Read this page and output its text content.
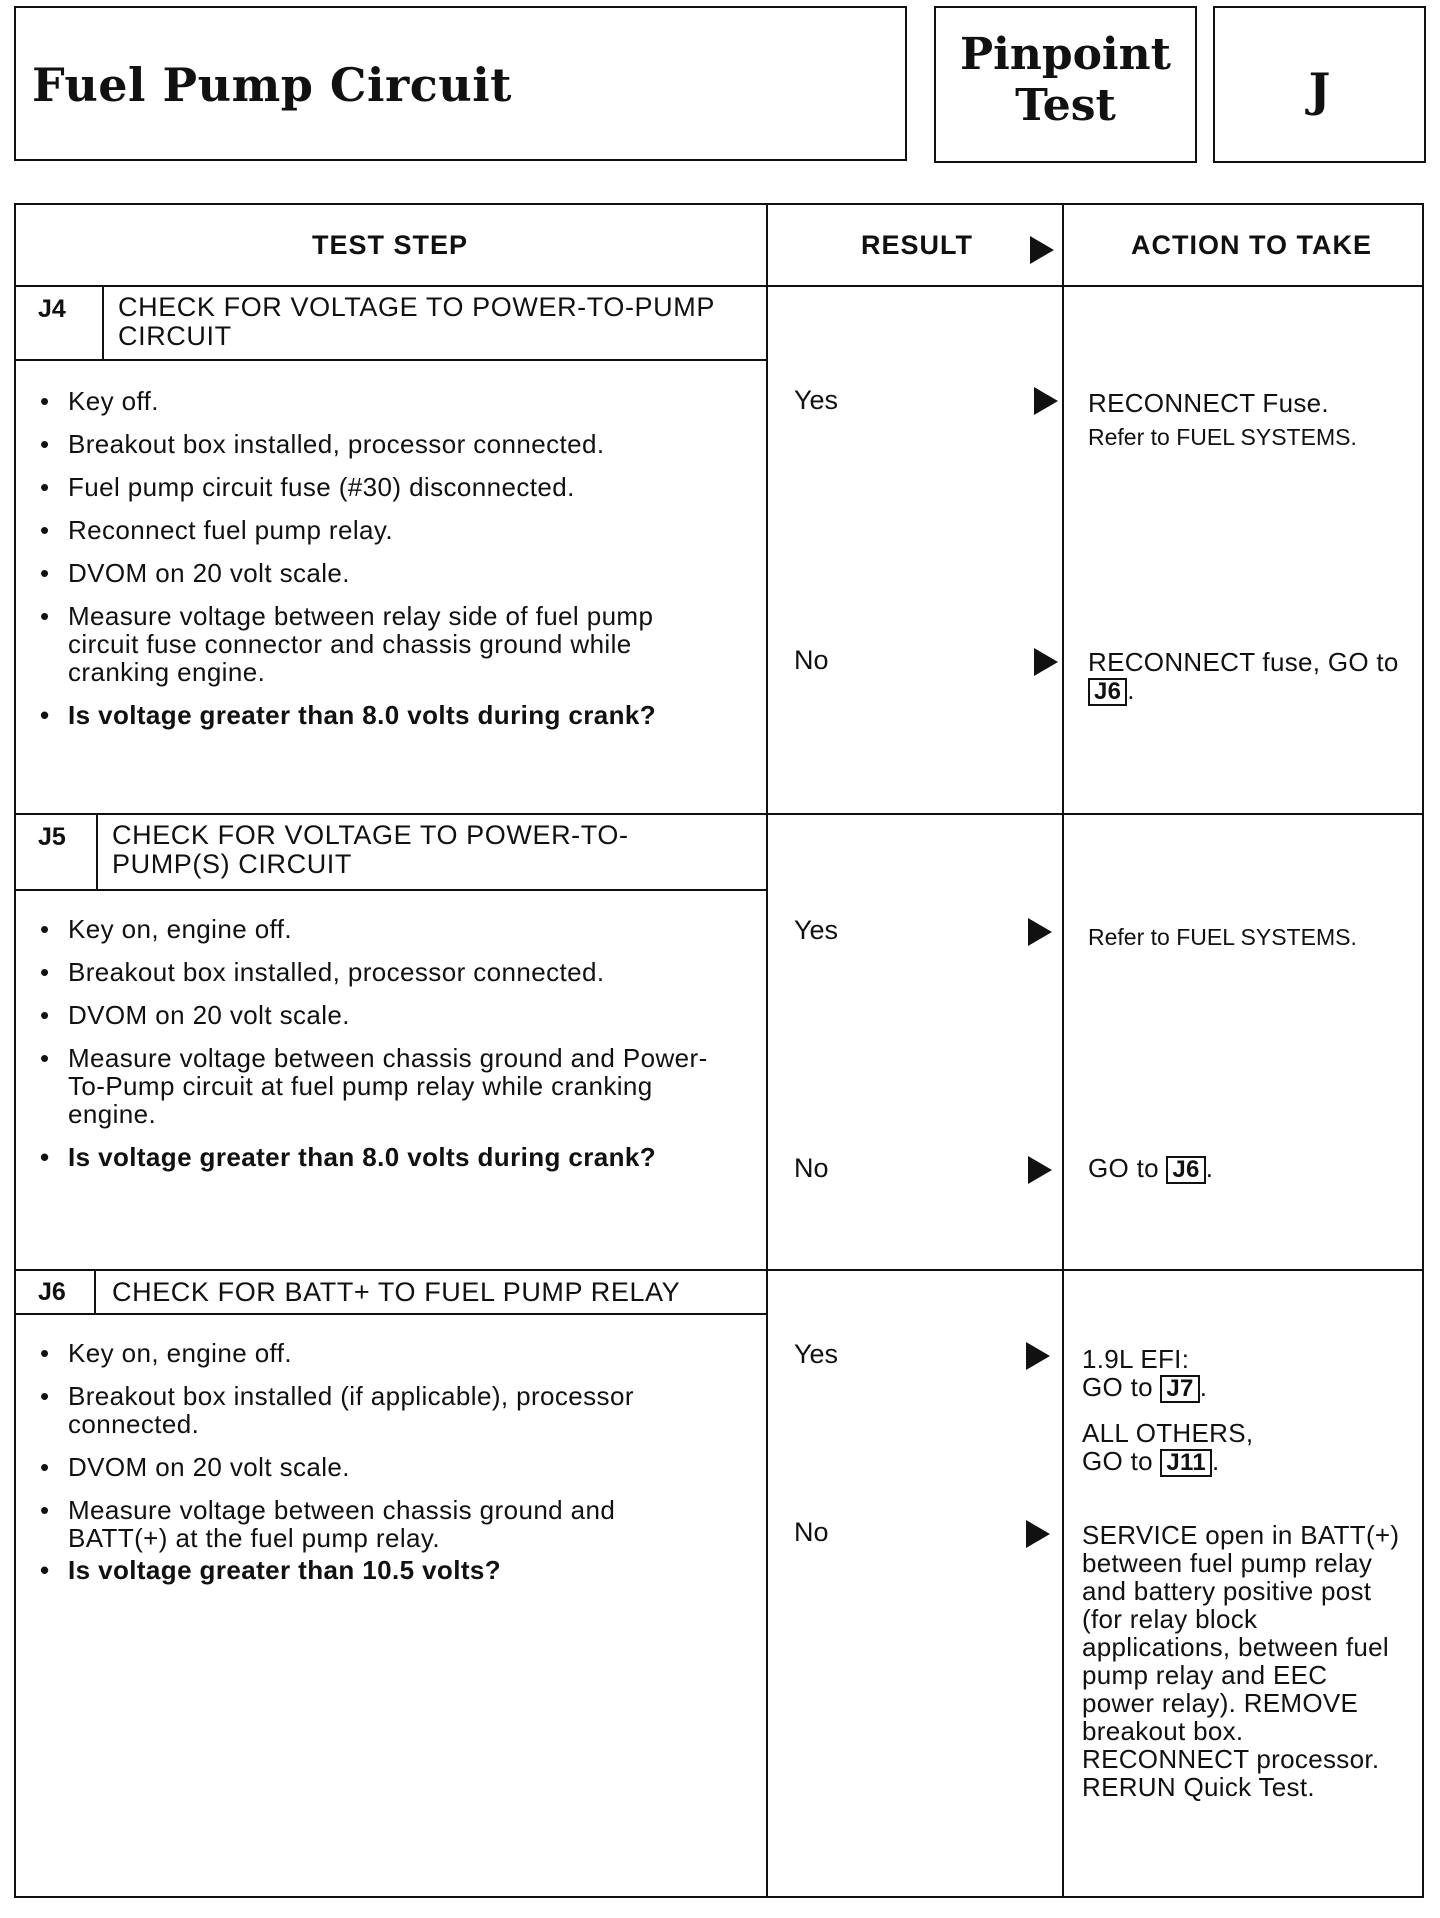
Fuel Pump Circuit
Pinpoint
Test	J
TEST STEP	RESULT	ACTION TO TAKE
J4 CHECK FOR VOLTAGE TO POWER-TO-PUMP CIRCUIT
• Key off.
• Breakout box installed, processor connected.
• Fuel pump circuit fuse (#30) disconnected.
• Reconnect fuel pump relay.
• DVOM on 20 volt scale.
• Measure voltage between relay side of fuel pump circuit fuse connector and chassis ground while cranking engine.
• Is voltage greater than 8.0 volts during crank?
Yes	RECONNECT Fuse.
Refer to FUEL SYSTEMS.
No	RECONNECT fuse, GO to J6 .
J5 CHECK FOR VOLTAGE TO POWER-TO-PUMP(S) CIRCUIT
• Key on, engine off.
• Breakout box installed, processor connected.
• DVOM on 20 volt scale.
• Measure voltage between chassis ground and Power-To-Pump circuit at fuel pump relay while cranking engine.
• Is voltage greater than 8.0 volts during crank?
Yes	Refer to FUEL SYSTEMS.
No	GO to J6 .
J6 CHECK FOR BATT+ TO FUEL PUMP RELAY
• Key on, engine off.
• Breakout box installed (if applicable), processor connected.
• DVOM on 20 volt scale.
• Measure voltage between chassis ground and BATT(+) at the fuel pump relay.
• Is voltage greater than 10.5 volts?
Yes	1.9L EFI:
GO to J7 .
ALL OTHERS,
GO to J11 .
No	SERVICE open in BATT(+) between fuel pump relay and battery positive post (for relay block applications, between fuel pump relay and EEC power relay). REMOVE breakout box. RECONNECT processor. RERUN Quick Test.
